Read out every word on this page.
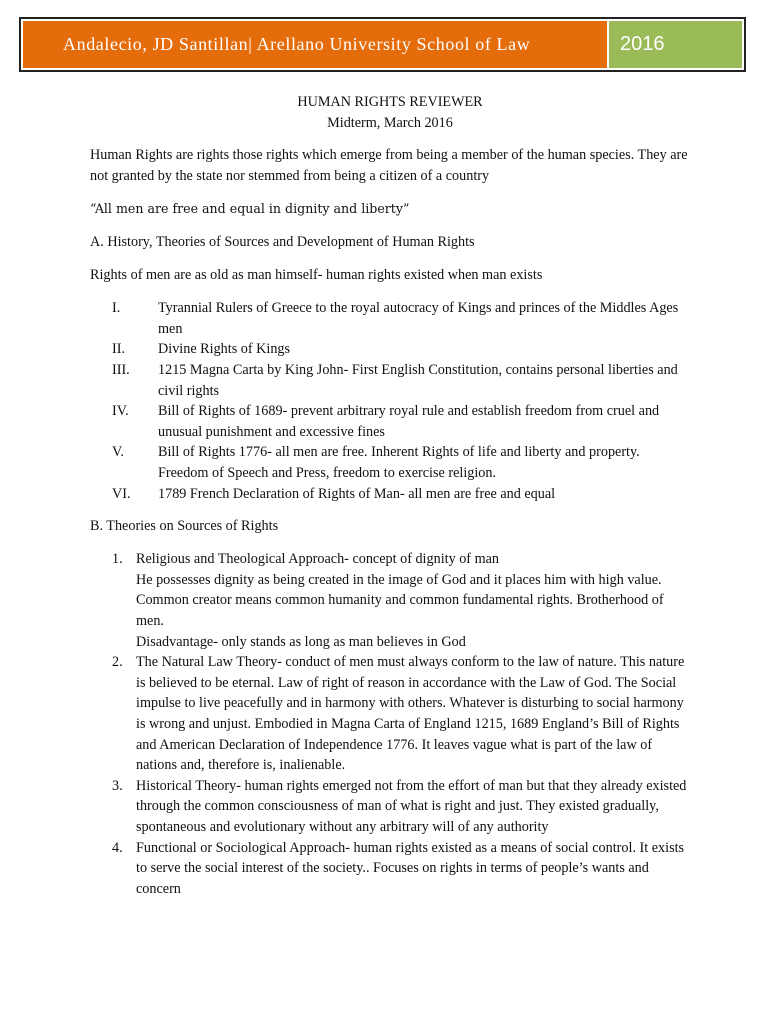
Andalecio, JD Santillan| Arellano University School of Law	2016
HUMAN RIGHTS REVIEWER
Midterm, March 2016

Human Rights are rights those rights which emerge from being a member of the human species. They are not granted by the state nor stemmed from being a citizen of a country

“All men are free and equal in dignity and liberty”

A. History, Theories of Sources and Development of Human Rights

Rights of men are as old as man himself- human rights existed when man exists

I.	Tyrannial Rulers of Greece to the royal autocracy of Kings and princes of the Middles Ages men
II.	Divine Rights of Kings
III.	1215 Magna Carta by King John- First English Constitution, contains personal liberties and civil rights
IV.	Bill of Rights of 1689- prevent arbitrary royal rule and establish freedom from cruel and unusual punishment and excessive fines
V.	Bill of Rights 1776- all men are free. Inherent Rights of life and liberty and property. Freedom of Speech and Press, freedom to exercise religion.
VI.	1789 French Declaration of Rights of Man- all men are free and equal

B. Theories on Sources of Rights

1. Religious and Theological Approach- concept of dignity of man
He possesses dignity as being created in the image of God and it places him with high value. Common creator means common humanity and common fundamental rights. Brotherhood of men.
Disadvantage- only stands as long as man believes in God
2. The Natural Law Theory- conduct of men must always conform to the law of nature. This nature is believed to be eternal. Law of right of reason in accordance with the Law of God. The Social impulse to live peacefully and in harmony with others. Whatever is disturbing to social harmony is wrong and unjust. Embodied in Magna Carta of England 1215, 1689 England’s Bill of Rights and American Declaration of Independence 1776. It leaves vague what is part of the law of nations and, therefore is, inalienable.
3. Historical Theory- human rights emerged not from the effort of man but that they already existed through the common consciousness of man of what is right and just. They existed gradually, spontaneous and evolutionary without any arbitrary will of any authority
4. Functional or Sociological Approach- human rights existed as a means of social control. It exists to serve the social interest of the society.. Focuses on rights in terms of people’s wants and concern
